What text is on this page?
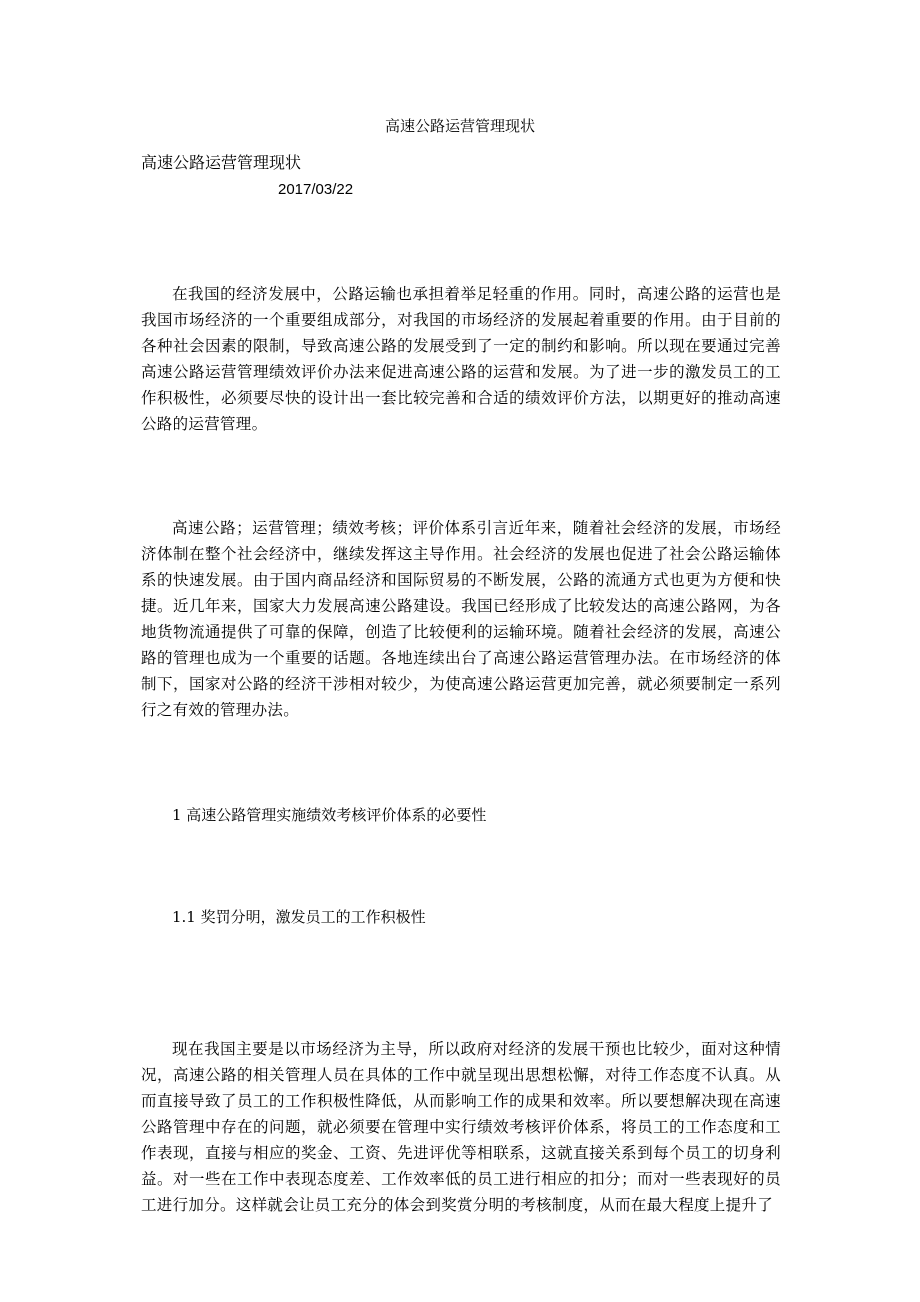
高速公路运营管理现状
高速公路运营管理现状
2017/03/22

在我国的经济发展中，公路运输也承担着举足轻重的作用。同时，高速公路的运营也是我国市场经济的一个重要组成部分，对我国的市场经济的发展起着重要的作用。由于目前的各种社会因素的限制，导致高速公路的发展受到了一定的制约和影响。所以现在要通过完善高速公路运营管理绩效评价办法来促进高速公路的运营和发展。为了进一步的激发员工的工作积极性，必须要尽快的设计出一套比较完善和合适的绩效评价方法，以期更好的推动高速公路的运营管理。

高速公路；运营管理；绩效考核；评价体系引言近年来，随着社会经济的发展，市场经济体制在整个社会经济中，继续发挥这主导作用。社会经济的发展也促进了社会公路运输体系的快速发展。由于国内商品经济和国际贸易的不断发展，公路的流通方式也更为方便和快捷。近几年来，国家大力发展高速公路建设。我国已经形成了比较发达的高速公路网，为各地货物流通提供了可靠的保障，创造了比较便利的运输环境。随着社会经济的发展，高速公路的管理也成为一个重要的话题。各地连续出台了高速公路运营管理办法。在市场经济的体制下，国家对公路的经济干涉相对较少，为使高速公路运营更加完善，就必须要制定一系列行之有效的管理办法。

1 高速公路管理实施绩效考核评价体系的必要性
1.1 奖罚分明，激发员工的工作积极性

现在我国主要是以市场经济为主导，所以政府对经济的发展干预也比较少，面对这种情况，高速公路的相关管理人员在具体的工作中就呈现出思想松懈，对待工作态度不认真。从而直接导致了员工的工作积极性降低，从而影响工作的成果和效率。所以要想解决现在高速公路管理中存在的问题，就必须要在管理中实行绩效考核评价体系，将员工的工作态度和工作表现，直接与相应的奖金、工资、先进评优等相联系，这就直接关系到每个员工的切身利益。对一些在工作中表现态度差、工作效率低的员工进行相应的扣分；而对一些表现好的员工进行加分。这样就会让员工充分的体会到奖赏分明的考核制度，从而在最大程度上提升了
